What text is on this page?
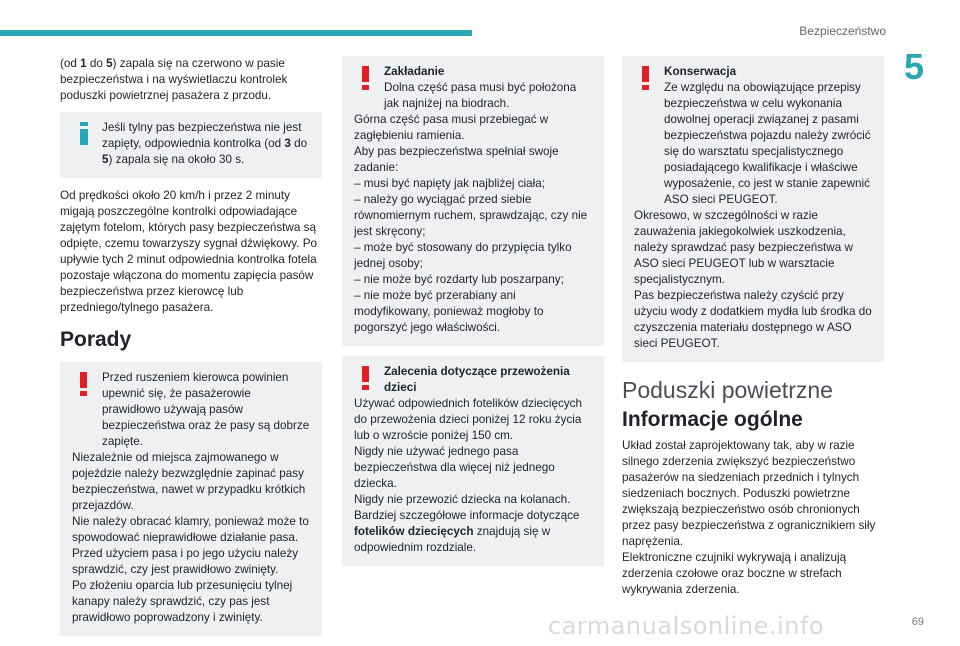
Bezpieczeństwo
5

(od 1 do 5) zapala się na czerwono w pasie bezpieczeństwa i na wyświetlaczu kontrolek poduszki powietrznej pasażera z przodu.

Jeśli tylny pas bezpieczeństwa nie jest zapięty, odpowiednia kontrolka (od 3 do 5) zapala się na około 30 s.

Od prędkości około 20 km/h i przez 2 minuty migają poszczególne kontrolki odpowiadające zajętym fotelom, których pasy bezpieczeństwa są odpięte, czemu towarzyszy sygnał dźwiękowy. Po upływie tych 2 minut odpowiednia kontrolka fotela pozostaje włączona do momentu zapięcia pasów bezpieczeństwa przez kierowcę lub przedniego/tylnego pasażera.

Porady
Przed ruszeniem kierowca powinien upewnić się, że pasażerowie prawidłowo używają pasów bezpieczeństwa oraz że pasy są dobrze zapięte.
Niezależnie od miejsca zajmowanego w pojeździe należy bezwzględnie zapinać pasy bezpieczeństwa, nawet w przypadku krótkich przejazdów.
Nie należy obracać klamry, ponieważ może to spowodować nieprawidłowe działanie pasa.
Przed użyciem pasa i po jego użyciu należy sprawdzić, czy jest prawidłowo zwinięty.
Po złożeniu oparcia lub przesunięciu tylnej kanapy należy sprawdzić, czy pas jest prawidłowo poprowadzony i zwinięty.
Zakładanie
Dolna część pasa musi być położona jak najniżej na biodrach.
Górna część pasa musi przebiegać w zagłębieniu ramienia.
Aby pas bezpieczeństwa spełniał swoje zadanie:
– musi być napięty jak najbliżej ciała;
– należy go wyciągać przed siebie równomiernym ruchem, sprawdzając, czy nie jest skręcony;
– może być stosowany do przypięcia tylko jednej osoby;
– nie może być rozdarty lub poszarpany;
– nie może być przerabiany ani modyfikowany, ponieważ mogłoby to pogorszyć jego właściwości.
Zalecenia dotyczące przewożenia dzieci
Używać odpowiednich fotelików dziecięcych do przewożenia dzieci poniżej 12 roku życia lub o wzroście poniżej 150 cm.
Nigdy nie używać jednego pasa bezpieczeństwa dla więcej niż jednego dziecka.
Nigdy nie przewozić dziecka na kolanach.
Bardziej szczegółowe informacje dotyczące fotelików dziecięcych znajdują się w odpowiednim rozdziale.
Konserwacja
Ze względu na obowiązujące przepisy bezpieczeństwa w celu wykonania dowolnej operacji związanej z pasami bezpieczeństwa pojazdu należy zwrócić się do warsztatu specjalistycznego posiadającego kwalifikacje i właściwe wyposażenie, co jest w stanie zapewnić ASO sieci PEUGEOT.
Okresowo, w szczególności w razie zauważenia jakiegokolwiek uszkodzenia, należy sprawdzać pasy bezpieczeństwa w ASO sieci PEUGEOT lub w warsztacie specjalistycznym.
Pas bezpieczeństwa należy czyścić przy użyciu wody z dodatkiem mydła lub środka do czyszczenia materiału dostępnego w ASO sieci PEUGEOT.
Poduszki powietrzne
Informacje ogólne
Układ został zaprojektowany tak, aby w razie silnego zderzenia zwiększyć bezpieczeństwo pasażerów na siedzeniach przednich i tylnych siedzeniach bocznych. Poduszki powietrzne zwiększają bezpieczeństwo osób chronionych przez pasy bezpieczeństwa z ogranicznikiem siły naprężenia.
Elektroniczne czujniki wykrywają i analizują zderzenia czołowe oraz boczne w strefach wykrywania zderzenia.
carmanualsonline.info	69
